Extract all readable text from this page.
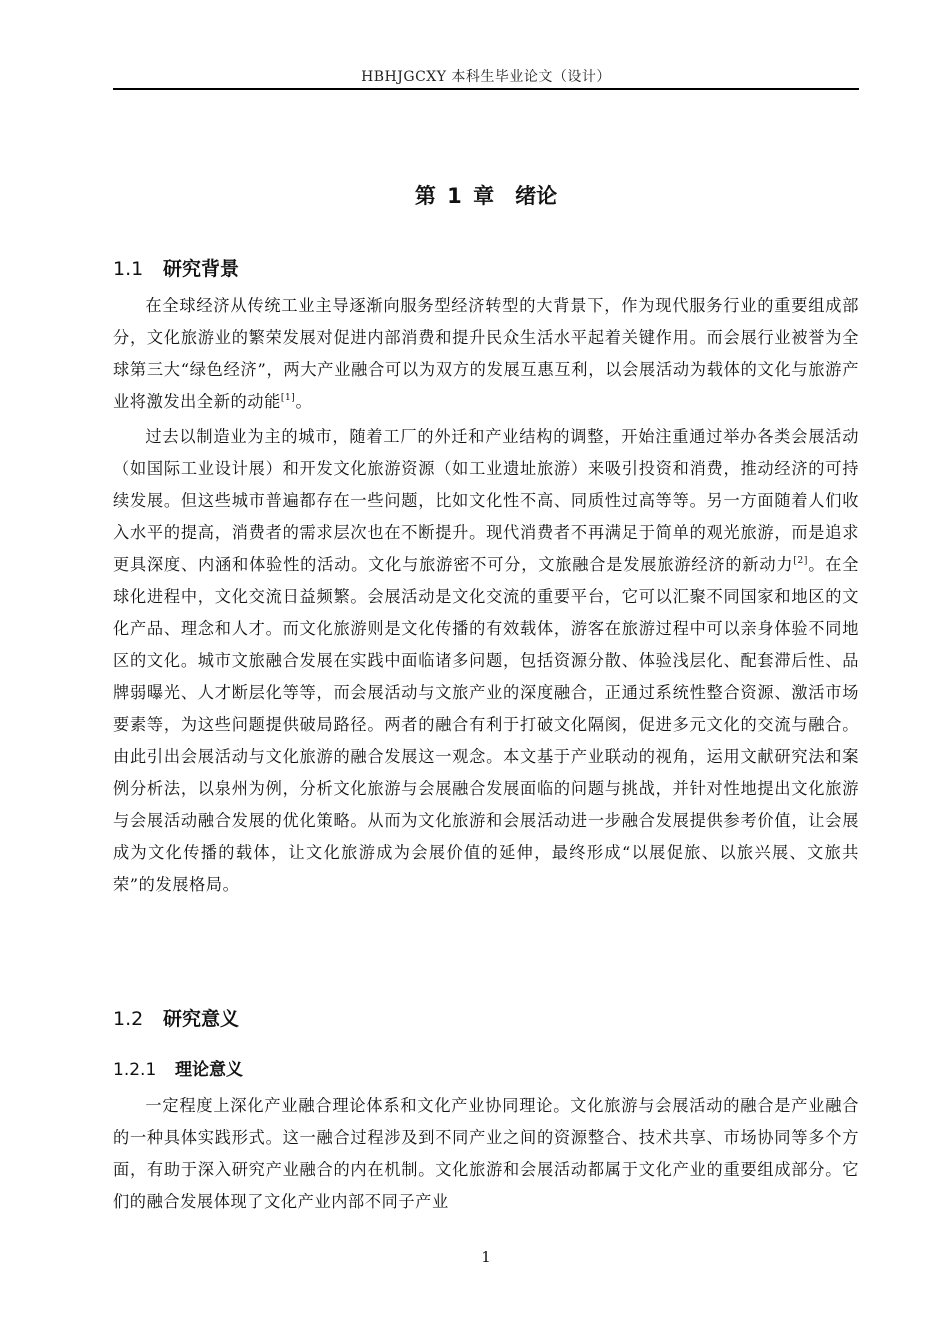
HBHJGCXY 本科生毕业论文（设计）
第 1 章　绪论
1.1 研究背景

在全球经济从传统工业主导逐渐向服务型经济转型的大背景下，作为现代服务行业的重要组成部分，文化旅游业的繁荣发展对促进内部消费和提升民众生活水平起着关键作用。而会展行业被誉为全球第三大“绿色经济”，两大产业融合可以为双方的发展互惠互利，以会展活动为载体的文化与旅游产业将激发出全新的动能[1]。

过去以制造业为主的城市，随着工厂的外迁和产业结构的调整，开始注重通过举办各类会展活动（如国际工业设计展）和开发文化旅游资源（如工业遗址旅游）来吸引投资和消费，推动经济的可持续发展。但这些城市普遍都存在一些问题，比如文化性不高、同质性过高等等。另一方面随着人们收入水平的提高，消费者的需求层次也在不断提升。现代消费者不再满足于简单的观光旅游，而是追求更具深度、内涵和体验性的活动。文化与旅游密不可分，文旅融合是发展旅游经济的新动力[2]。在全球化进程中，文化交流日益频繁。会展活动是文化交流的重要平台，它可以汇聚不同国家和地区的文化产品、理念和人才。而文化旅游则是文化传播的有效载体，游客在旅游过程中可以亲身体验不同地区的文化。城市文旅融合发展在实践中面临诸多问题，包括资源分散、体验浅层化、配套滞后性、品牌弱曝光、人才断层化等等，而会展活动与文旅产业的深度融合，正通过系统性整合资源、激活市场要素等，为这些问题提供破局路径。两者的融合有利于打破文化隔阂，促进多元文化的交流与融合。由此引出会展活动与文化旅游的融合发展这一观念。本文基于产业联动的视角，运用文献研究法和案例分析法，以泉州为例，分析文化旅游与会展融合发展面临的问题与挑战，并针对性地提出文化旅游与会展活动融合发展的优化策略。从而为文化旅游和会展活动进一步融合发展提供参考价值，让会展成为文化传播的载体，让文化旅游成为会展价值的延伸，最终形成“以展促旅、以旅兴展、文旅共荣”的发展格局。

1.2 研究意义
1.2.1 理论意义

一定程度上深化产业融合理论体系和文化产业协同理论。文化旅游与会展活动的融合是产业融合的一种具体实践形式。这一融合过程涉及到不同产业之间的资源整合、技术共享、市场协同等多个方面，有助于深入研究产业融合的内在机制。文化旅游和会展活动都属于文化产业的重要组成部分。它们的融合发展体现了文化产业内部不同子产业

1
